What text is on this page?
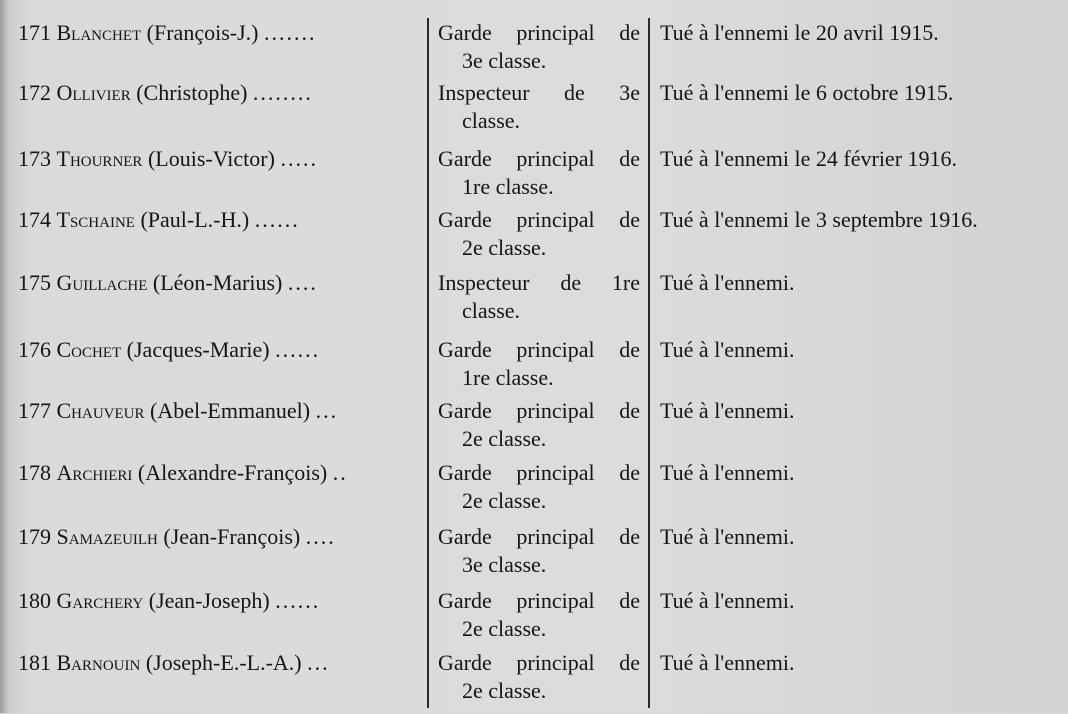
171 Blanchet (François-J.) .......	Garde principal de
3e classe.
Tué à l'ennemi le 20 avril 1915.
172 Ollivier (Christophe) ........	Inspecteur de 3e
classe.
Tué à l'ennemi le 6 octobre 1915.
173 Thourner (Louis-Victor) .....	Garde principal de
1re classe.
Tué à l'ennemi le 24 février 1916.
174 Tschaine (Paul-L.-H.) ......	Garde principal de
2e classe.
Tué à l'ennemi le 3 septembre 1916.
175 Guillache (Léon-Marius) ....	Inspecteur de 1re
classe.
Tué à l'ennemi.
176 Cochet (Jacques-Marie) ......	Garde principal de
1re classe.
Tué à l'ennemi.
177 Chauveur (Abel-Emmanuel) ...	Garde principal de
2e classe.
Tué à l'ennemi.
178 Archieri (Alexandre-François) ..	Garde principal de
2e classe.
Tué à l'ennemi.
179 Samazeuilh (Jean-François) ....	Garde principal de
3e classe.
Tué à l'ennemi.
180 Garchery (Jean-Joseph) ......	Garde principal de
2e classe.
Tué à l'ennemi.
181 Barnouin (Joseph-E.-L.-A.) ...	Garde principal de
2e classe.
Tué à l'ennemi.
